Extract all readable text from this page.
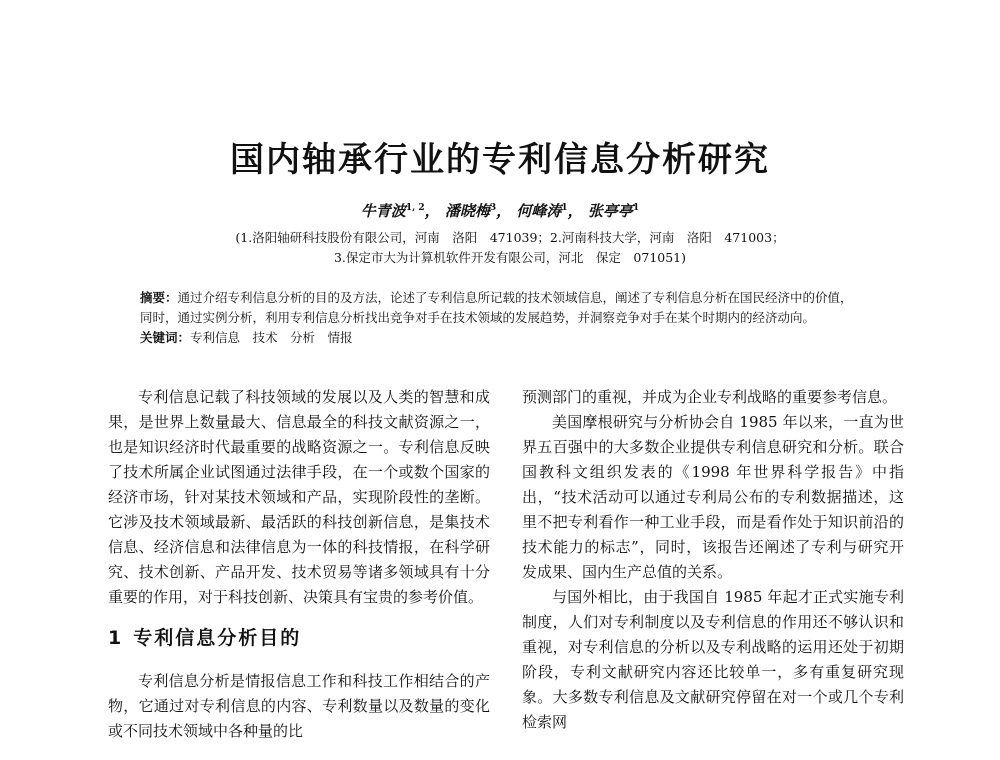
国内轴承行业的专利信息分析研究
牛青波$^{1, 2}$， 潘晓梅$^3$， 何峰涛$^1$， 张亭亭$^1$
(1.洛阳轴研科技股份有限公司，河南　洛阳　471039；2.河南科技大学，河南　洛阳　471003；
3.保定市大为计算机软件开发有限公司，河北　保定　071051)

摘要：通过介绍专利信息分析的目的及方法，论述了专利信息所记载的技术领域信息，阐述了专利信息分析在国民经济中的价值，同时，通过实例分析，利用专利信息分析找出竞争对手在技术领域的发展趋势，并洞察竞争对手在某个时期内的经济动向。

关键词：专利信息　技术　分析　情报

专利信息记载了科技领域的发展以及人类的智慧和成果，是世界上数量最大、信息最全的科技文献资源之一，也是知识经济时代最重要的战略资源之一。专利信息反映了技术所属企业试图通过法律手段，在一个或数个国家的经济市场，针对某技术领域和产品，实现阶段性的垄断。它涉及技术领域最新、最活跃的科技创新信息，是集技术信息、经济信息和法律信息为一体的科技情报，在科学研究、技术创新、产品开发、技术贸易等诸多领域具有十分重要的作用，对于科技创新、决策具有宝贵的参考价值。

1 专利信息分析目的

专利信息分析是情报信息工作和科技工作相结合的产物，它通过对专利信息的内容、专利数量以及数量的变化或不同技术领域中各种量的比

预测部门的重视，并成为企业专利战略的重要参考信息。

美国摩根研究与分析协会自 1985 年以来，一直为世界五百强中的大多数企业提供专利信息研究和分析。联合国教科文组织发表的《1998 年世界科学报告》中指出，“技术活动可以通过专利局公布的专利数据描述，这里不把专利看作一种工业手段，而是看作处于知识前沿的技术能力的标志”，同时，该报告还阐述了专利与研究开发成果、国内生产总值的关系。

与国外相比，由于我国自 1985 年起才正式实施专利制度，人们对专利制度以及专利信息的作用还不够认识和重视，对专利信息的分析以及专利战略的运用还处于初期阶段，专利文献研究内容还比较单一，多有重复研究现象。大多数专利信息及文献研究停留在对一个或几个专利检索网
